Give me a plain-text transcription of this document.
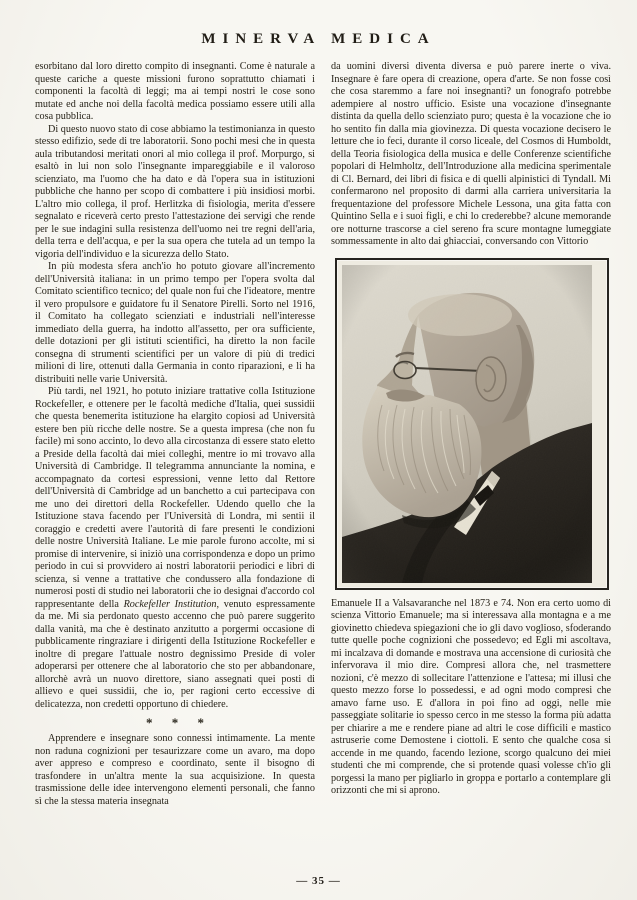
MINERVA MEDICA

esorbitano dal loro diretto compito di insegnanti. Come è naturale a queste cariche a queste missioni furono soprattutto chiamati i componenti la facoltà di leggi; ma ai tempi nostri le cose sono mutate ed anche noi della facoltà medica possiamo essere utili alla cosa pubblica.

Di questo nuovo stato di cose abbiamo la testimonianza in questo stesso edifizio, sede di tre laboratorii. Sono pochi mesi che in questa aula tributandosi meritati onori al mio collega il prof. Morpurgo, si esaltò in lui non solo l'insegnante impareggiabile e il valoroso scienziato, ma l'uomo che ha dato e dà l'opera sua in istituzioni pubbliche che hanno per scopo di combattere i più insidiosi morbi. L'altro mio collega, il prof. Herlitzka di fisiologia, merita d'essere segnalato e riceverà certo presto l'attestazione dei servigi che rende per le sue indagini sulla resistenza dell'uomo nei tre regni dell'aria, della terra e dell'acqua, e per la sua opera che tutela ad un tempo la vigoria dell'individuo e la sicurezza dello Stato.

In più modesta sfera anch'io ho potuto giovare all'incremento dell'Università italiana: in un primo tempo per l'opera svolta dal Comitato scientifico tecnico; del quale non fui che l'ideatore, mentre il vero propulsore e guidatore fu il Senatore Pirelli. Sorto nel 1916, il Comitato ha collegato scienziati e industriali nell'interesse immediato della guerra, ha indotto all'assetto, per ora sufficiente, delle dotazioni per gli istituti scientifici, ha diretto la non facile consegna di strumenti scientifici per un valore di più di tredici milioni di lire, ottenuti dalla Germania in conto riparazioni, e li ha distribuiti nelle varie Università.

Più tardi, nel 1921, ho potuto iniziare trattative colla Istituzione Rockefeller, e ottenere per le facoltà mediche d'Italia, quei sussidii che questa benemerita istituzione ha elargito copiosi ad Università estere ben più ricche delle nostre. Se a questa impresa (che non fu facile) mi sono accinto, lo devo alla circostanza di essere stato eletto a Preside della facoltà dai miei colleghi, mentre io mi trovavo alla Università di Cambridge. Il telegramma annunciante la nomina, e accompagnato da cortesi espressioni, venne letto dal Rettore dell'Università di Cambridge ad un banchetto a cui partecipava con me uno dei direttori della Rockefeller. Udendo quello che la Istituzione stava facendo per l'Università di Londra, mi sentii il coraggio e credetti avere l'autorità di fare presenti le condizioni delle nostre Università Italiane. Le mie parole furono accolte, mi si promise di intervenire, si iniziò una corrispondenza e dopo un primo periodo in cui si provvidero ai nostri laboratorii periodici e libri di scienza, si venne a trattative che condussero alla fondazione di numerosi posti di studio nei laboratorii che io designai d'accordo col rappresentante della Rockefeller Institution, venuto espressamente da me. Mi sia perdonato questo accenno che può parere suggerito dalla vanità, ma che è destinato anzitutto a porgermi occasione di pubblicamente ringraziare i dirigenti della Istituzione Rockefeller e inoltre di pregare l'attuale nostro degnissimo Preside di voler adoperarsi per ottenere che al laboratorio che sto per abbandonare, allorchè avrà un nuovo direttore, siano assegnati quei posti di allievo e quei sussidii, che io, per ragioni certo eccessive di delicatezza, non credetti opportuno di chiedere.

* * *

Apprendere e insegnare sono connessi intimamente. La mente non raduna cognizioni per tesaurizzare come un avaro, ma dopo aver appreso e compreso e coordinato, sente il bisogno di trasfondere in un'altra mente la sua acquisizione. In questa trasmissione delle idee intervengono elementi personali, che fanno sì che la stessa materia insegnata

da uomini diversi diventa diversa e può parere inerte o viva. Insegnare è fare opera di creazione, opera d'arte. Se non fosse così che cosa staremmo a fare noi insegnanti? un fonografo potrebbe adempiere al nostro ufficio. Esiste una vocazione d'insegnante distinta da quella dello scienziato puro; questa è la vocazione che io ho sentito fin dalla mia giovinezza. Di questa vocazione decisero le letture che io feci, durante il corso liceale, del Cosmos di Humboldt, della Teoria fisiologica della musica e delle Conferenze scientifiche popolari di Helmholtz, dell'Introduzione alla medicina sperimentale di Cl. Bernard, dei libri di fisica e di quelli alpinistici di Tyndall. Mi confermarono nel proposito di darmi alla carriera universitaria la frequentazione del professore Michele Lessona, una gita fatta con Quintino Sella e i suoi figli, e chi lo crederebbe? alcune memorande ore notturne trascorse a ciel sereno fra scure montagne lumeggiate sommessamente in alto dai ghiacciai, conversando con Vittorio

Emanuele II a Valsavaranche nel 1873 e 74. Non era certo uomo di scienza Vittorio Emanuele; ma si interessava alla montagna e a me giovinetto chiedeva spiegazioni che io gli davo voglioso, sfoderando tutte quelle poche cognizioni che possedevo; ed Egli mi ascoltava, mi incalzava di domande e mostrava una accensione di curiosità che infervorava il mio dire. Compresi allora che, nel trasmettere nozioni, c'è mezzo di sollecitare l'attenzione e l'attesa; mi illusi che questo mezzo forse lo possedessi, e ad ogni modo compresi che amavo farne uso. E d'allora in poi fino ad oggi, nelle mie passeggiate solitarie io spesso cerco in me stesso la forma più adatta per chiarire a me e rendere piane ad altri le cose difficili e mastico astruserie come Demostene i ciottoli. E sento che qualche cosa si accende in me quando, facendo lezione, scorgo qualcuno dei miei studenti che mi comprende, che si protende quasi volesse ch'io gli porgessi la mano per pigliarlo in groppa e portarlo a contemplare gli orizzonti che mi si aprono.

— 35 —
